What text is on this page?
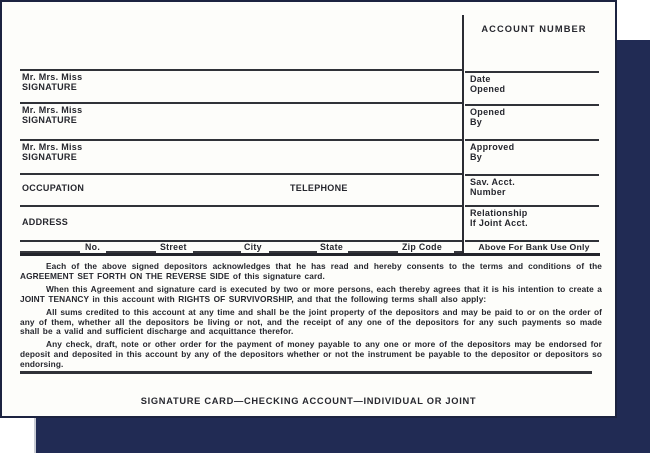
ACCOUNT NUMBER
Mr. Mrs. Miss
SIGNATURE
Mr. Mrs. Miss
SIGNATURE
Mr. Mrs. Miss
SIGNATURE
OCCUPATION	TELEPHONE
ADDRESS
No.	Street	City	State	Zip Code
Date
Opened
Opened
By
Approved
By
Sav. Acct.
Number
Relationship
If Joint Acct.
Above For Bank Use Only

Each of the above signed depositors acknowledges that he has read and hereby consents to the terms and conditions of the AGREEMENT SET FORTH ON THE REVERSE SIDE of this signature card.

When this Agreement and signature card is executed by two or more persons, each thereby agrees that it is his intention to create a JOINT TENANCY in this account with RIGHTS OF SURVIVORSHIP, and that the following terms shall also apply:

All sums credited to this account at any time and shall be the joint property of the depositors and may be paid to or on the order of any of them, whether all the depositors be living or not, and the receipt of any one of the depositors for any such payments so made shall be a valid and sufficient discharge and acquittance therefor.

Any check, draft, note or other order for the payment of money payable to any one or more of the depositors may be endorsed for deposit and deposited in this account by any of the depositors whether or not the instrument be payable to the depositor or depositors so endorsing.

SIGNATURE CARD—CHECKING ACCOUNT—INDIVIDUAL OR JOINT
